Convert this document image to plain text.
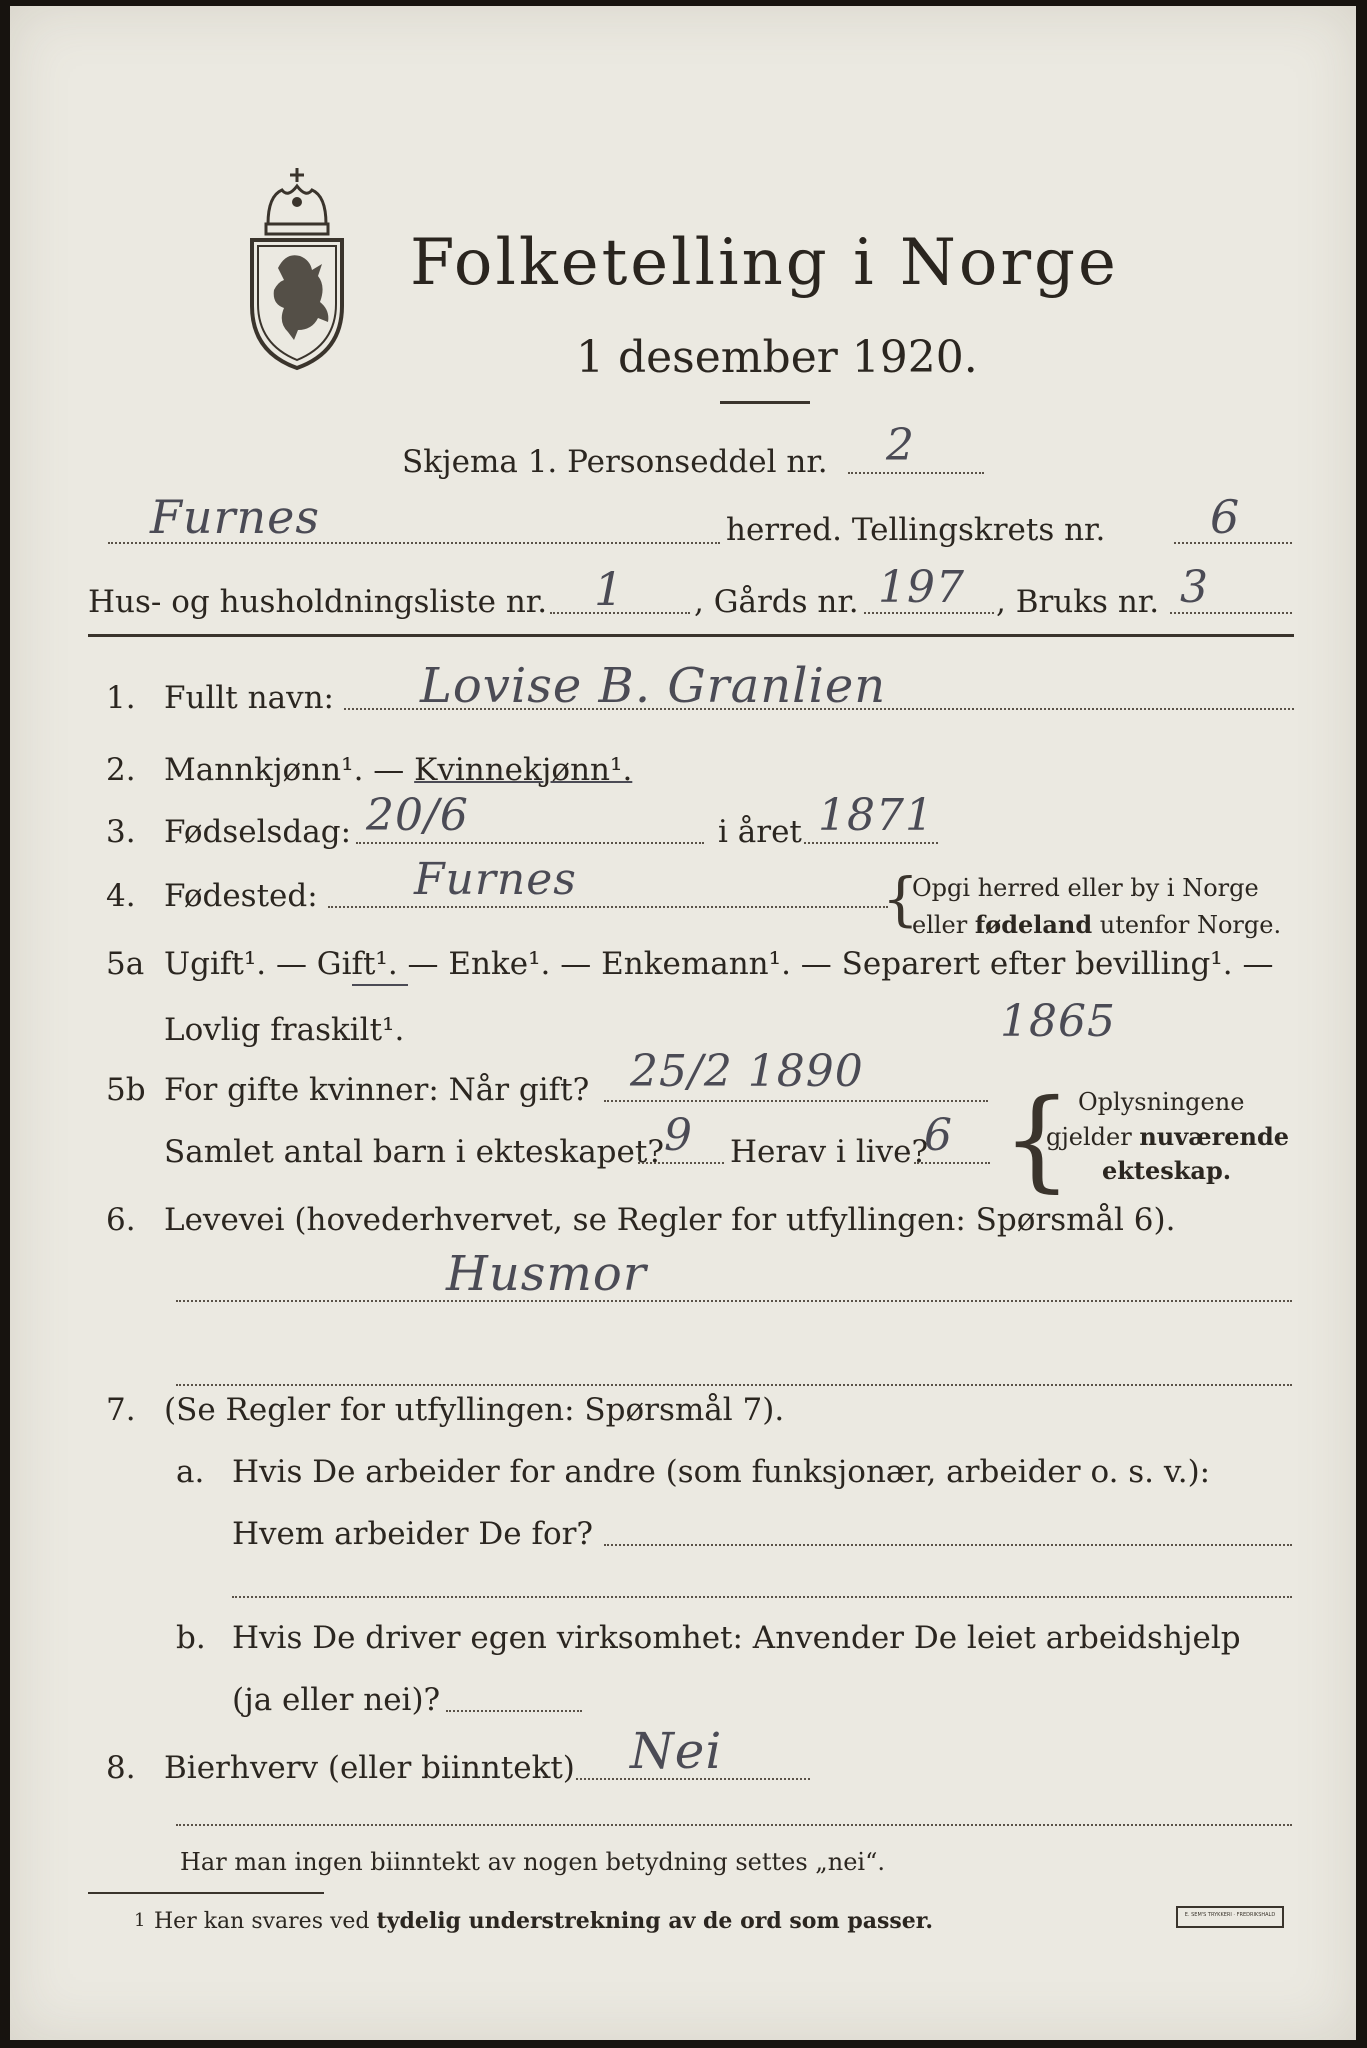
Folketelling i Norge
1 desember 1920.
Skjema 1. Personseddel nr. 2
Furnes	herred. Tellingskrets nr. 6
Hus- og husholdningsliste nr. 1 , Gårds nr. 197 , Bruks nr. 3
1. Fullt navn: Lovise B. Granlien
2. Mannkjønn¹. — Kvinnekjønn¹.
3. Fødselsdag: 20/6	i året 1871
4. Fødested: Furnes	{
Opgi herred eller by i Norge
eller fødeland utenfor Norge.
5a Ugift¹. — Gift¹. — Enke¹. — Enkemann¹. — Separert efter bevilling¹. —
Lovlig fraskilt¹.	1865
5b For gifte kvinner: Når gift? 25/2 1890
Samlet antal barn i ekteskapet? 9 Herav i live?
6 { Oplysningene
gjelder nuværende
ekteskap.
6. Levevei (hovederhvervet, se Regler for utfyllingen: Spørsmål 6).
Husmor
7. (Se Regler for utfyllingen: Spørsmål 7).
a. Hvis De arbeider for andre (som funksjonær, arbeider o. s. v.):
Hvem arbeider De for?
b. Hvis De driver egen virksomhet: Anvender De leiet arbeidshjelp
(ja eller nei)?
8. Bierhverv (eller biinntekt) Nei
Har man ingen biinntekt av nogen betydning settes „nei“.
1 Her kan svares ved tydelig understrekning av de ord som passer.	E. SEM'S TRYKKERI · FREDRIKSHALD
